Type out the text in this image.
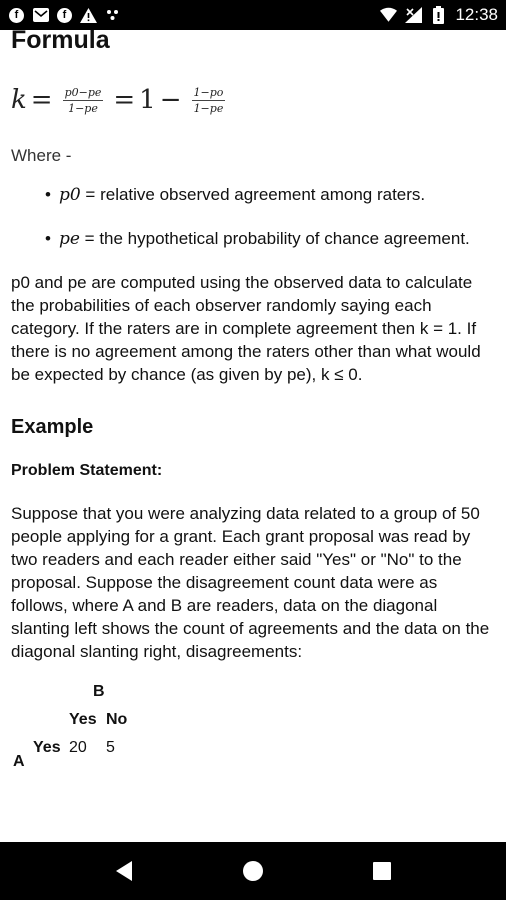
f	f	12:38
Formula
$k = \frac{p0-pe}{1-pe} = 1 - \frac{1-po}{1-pe}$

Where -

• p0 = relative observed agreement among raters.
• pe = the hypothetical probability of chance agreement.

p0 and pe are computed using the observed data to calculate the probabilities of each observer randomly saying each category. If the raters are in complete agreement then k = 1. If there is no agreement among the raters other than what would be expected by chance (as given by pe), k ≤ 0.

Example
Problem Statement:

Suppose that you were analyzing data related to a group of 50 people applying for a grant. Each grant proposal was read by two readers and each reader either said "Yes" or "No" to the proposal. Suppose the disagreement count data were as follows, where A and B are readers, data on the diagonal slanting left shows the count of agreements and the data on the diagonal slanting right, disagreements:

B
Yes No
Yes 20 5
A
